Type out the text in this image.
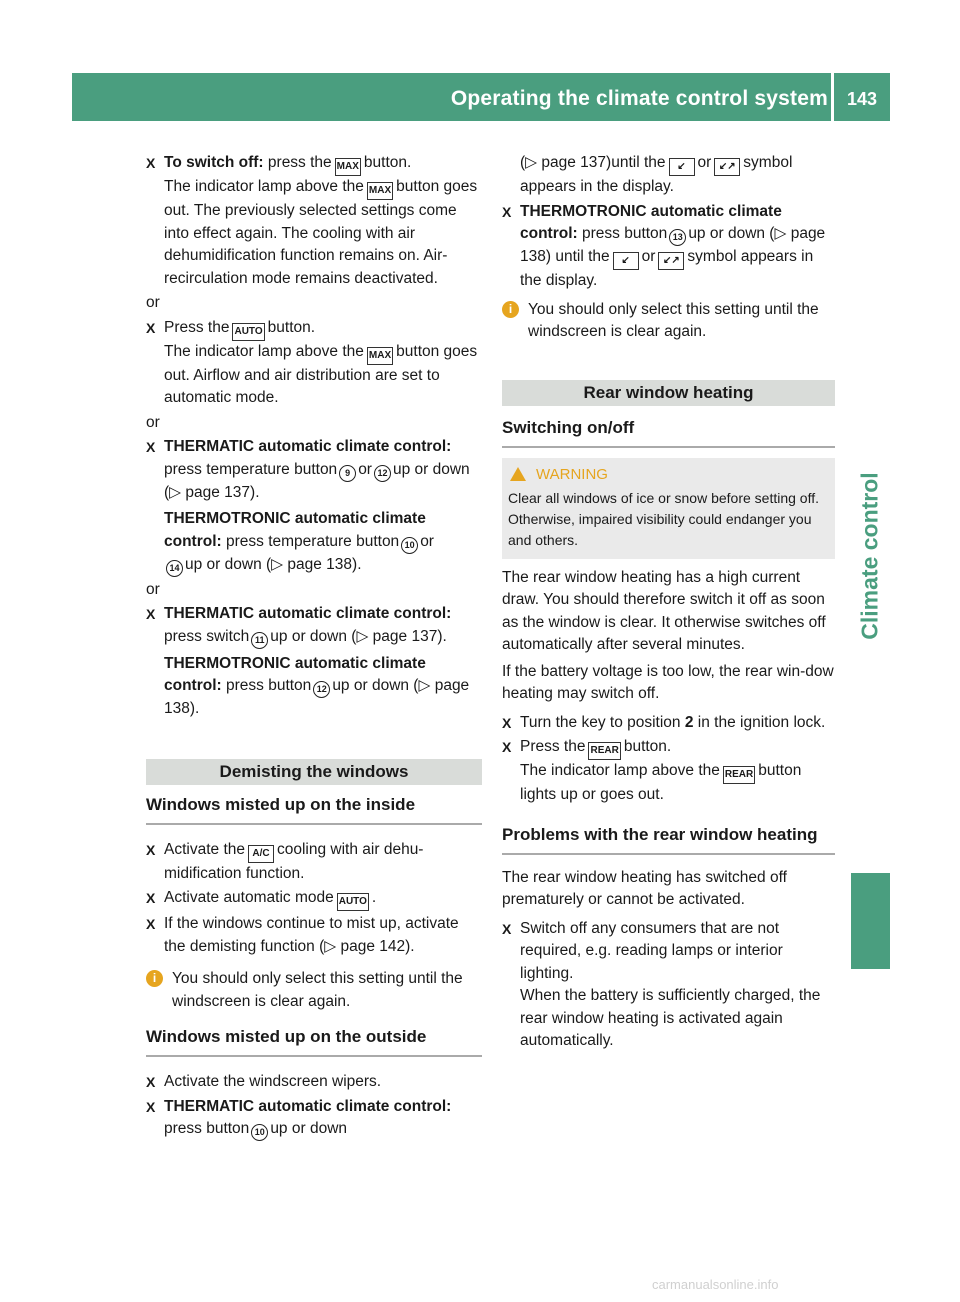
Operating the climate control system	143
Climate control
X To switch off: press the MAX button.
The indicator lamp above the MAX button goes out. The previously selected settings come into effect again. The cooling with air dehumidification function remains on. Air-recirculation mode remains deactivated.

or

X Press the AUTO button.
The indicator lamp above the MAX button goes out. Airflow and air distribution are set to automatic mode.

or

X THERMATIC automatic climate control: press temperature button 9 or 12 up or down (▷ page 137).

THERMOTRONIC automatic climate control: press temperature button 10 or
14 up or down (▷ page 138).

or

X THERMATIC automatic climate control: press switch 11 up or down (▷ page 137).

THERMOTRONIC automatic climate control: press button 12 up or down (▷ page 138).

Demisting the windows

Windows misted up on the inside

X Activate the A/C cooling with air dehu-midification function.

X Activate automatic mode AUTO .

X If the windows continue to mist up, activate the demisting function (▷ page 142).

i	You should only select this setting until the windscreen is clear again.

Windows misted up on the outside

X Activate the windscreen wipers.

X THERMATIC automatic climate control:
press button 10 up or down

(▷ page 137)until the ↙ or ↙↗ symbol appears in the display.

X THERMOTRONIC automatic climate control: press button 13 up or down (▷ page 138) until the ↙ or ↙↗ symbol appears in the display.

i	You should only select this setting until the windscreen is clear again.

Rear window heating

Switching on/off

WARNING

Clear all windows of ice or snow before setting off. Otherwise, impaired visibility could endanger you and others.

The rear window heating has a high current draw. You should therefore switch it off as soon as the window is clear. It otherwise switches off automatically after several minutes.

If the battery voltage is too low, the rear win-dow heating may switch off.

X Turn the key to position 2 in the ignition lock.

X Press the REAR button.
The indicator lamp above the REAR button lights up or goes out.

Problems with the rear window heating

The rear window heating has switched off prematurely or cannot be activated.

X Switch off any consumers that are not required, e.g. reading lamps or interior lighting.
When the battery is sufficiently charged, the rear window heating is activated again automatically.

carmanualsonline.info
